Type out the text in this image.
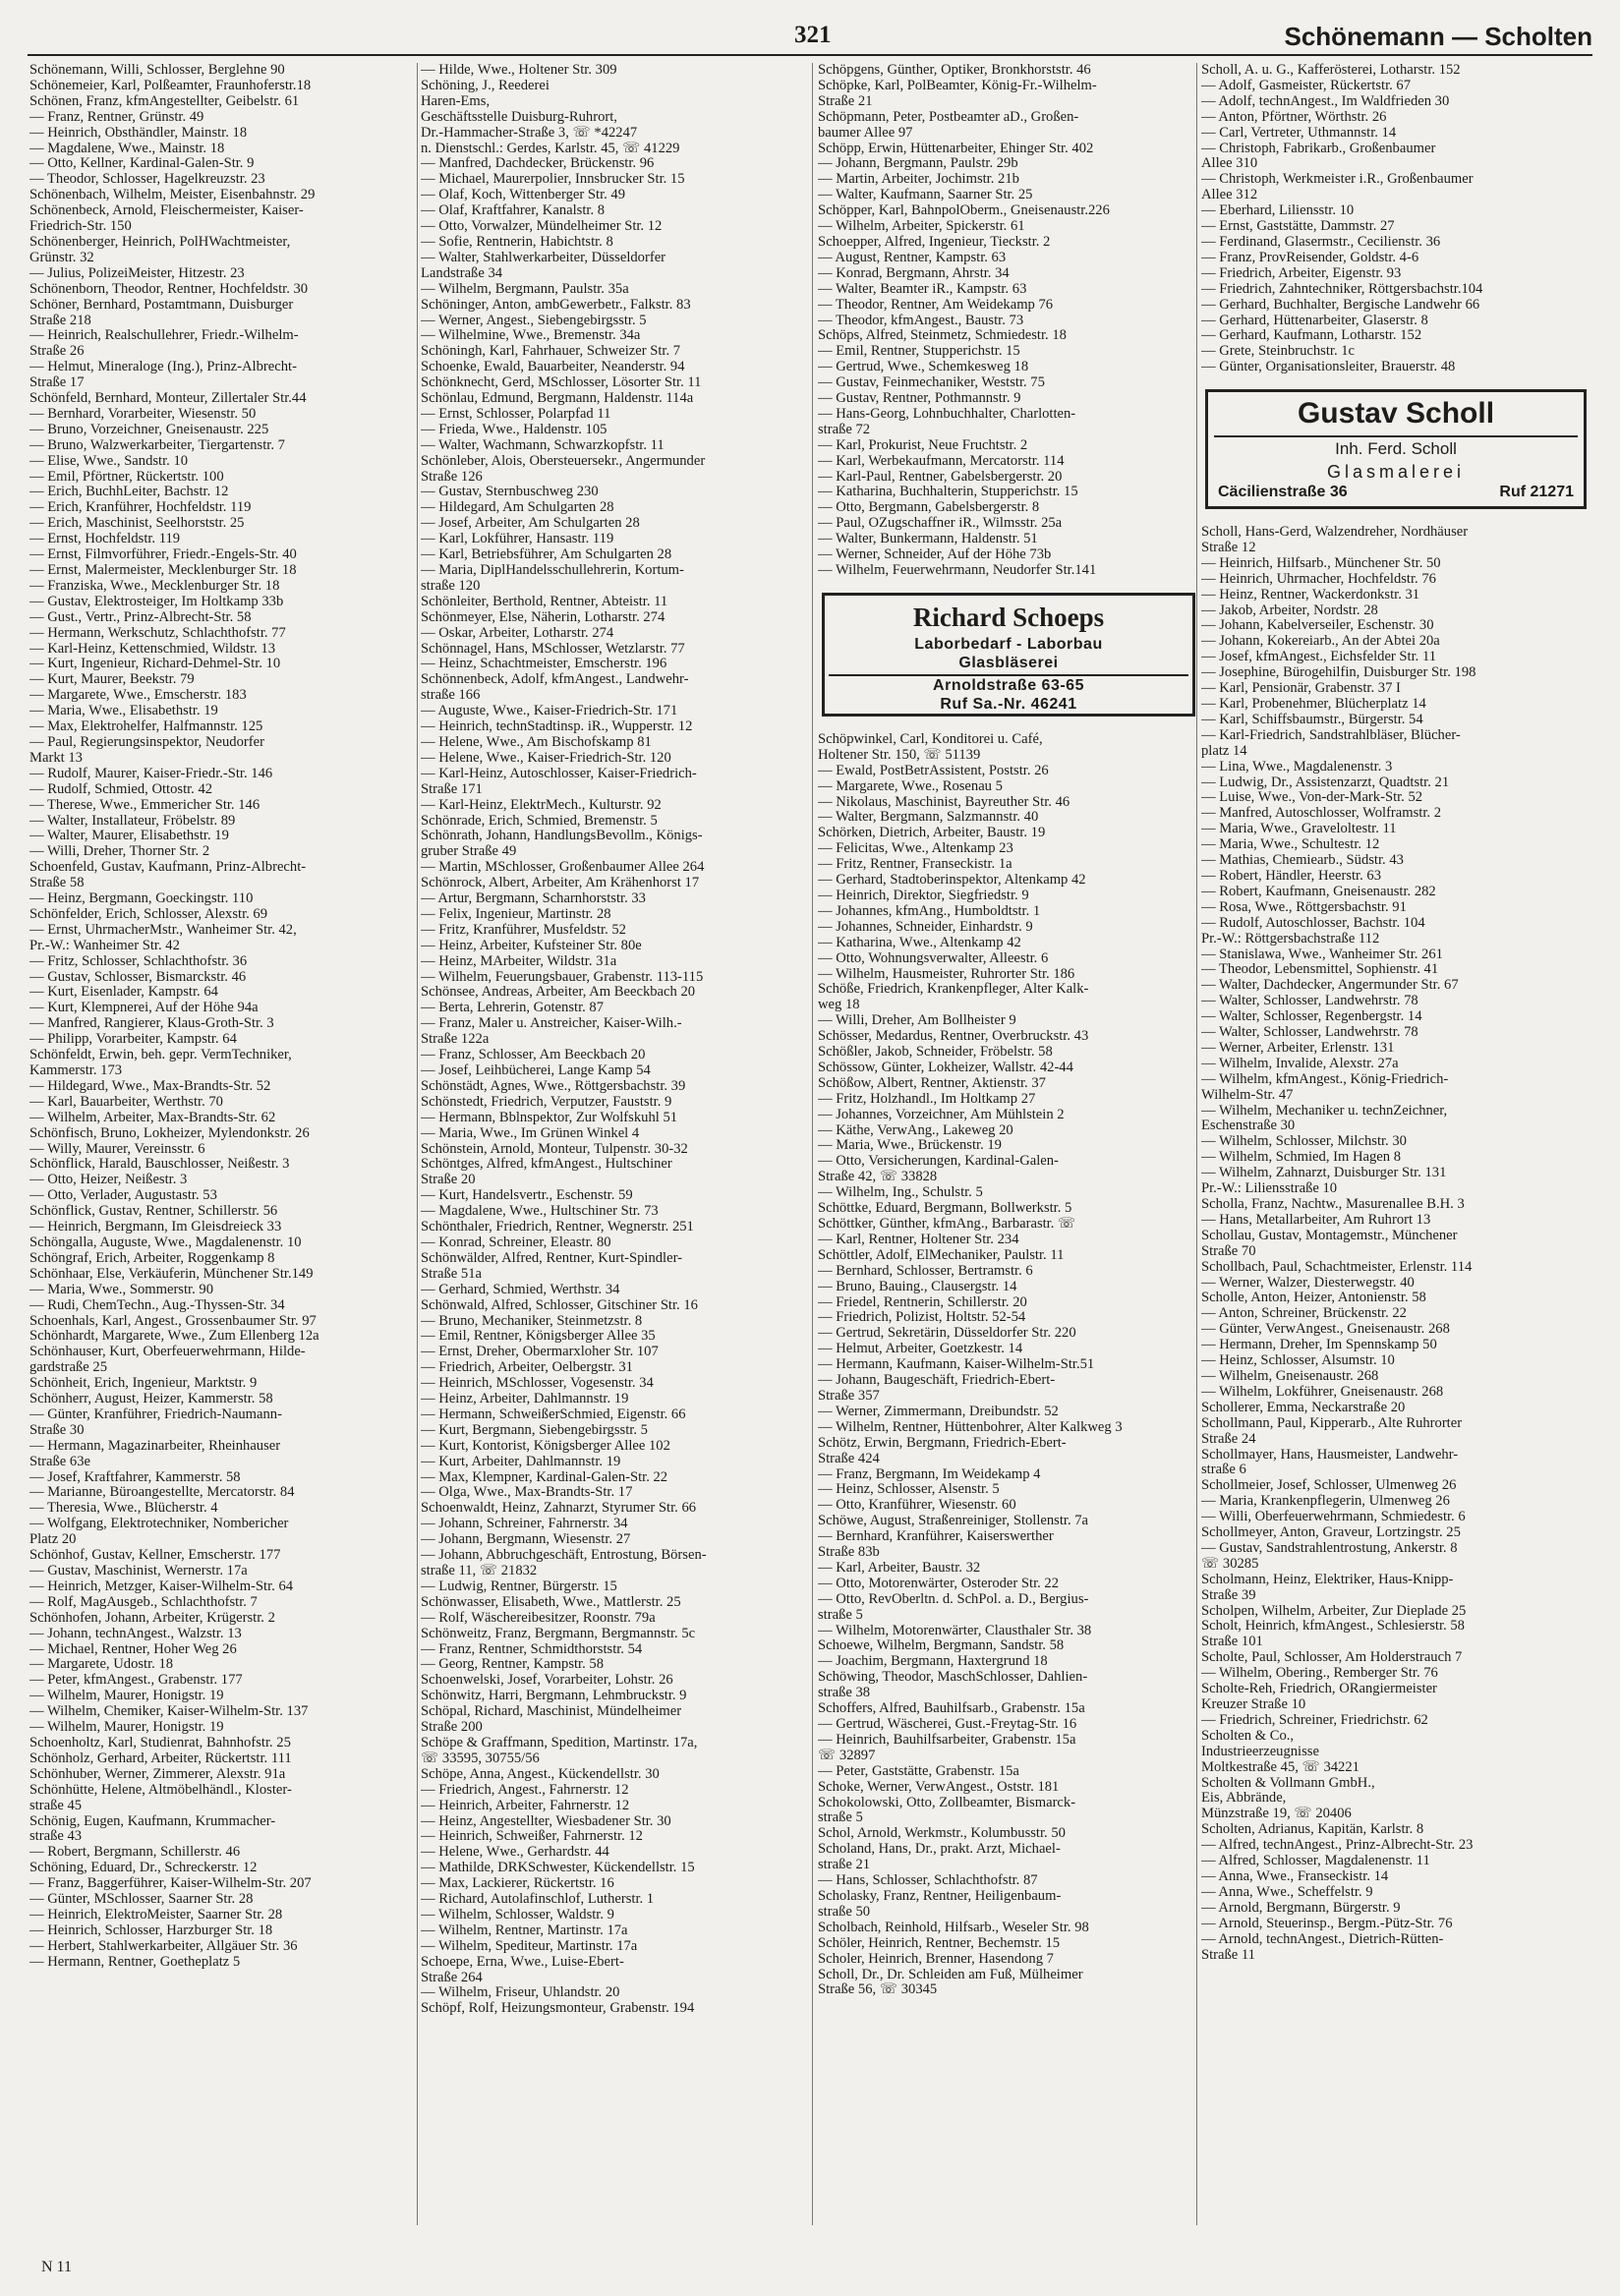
321	Schönemann — Scholten
Schönemann, Willi, Schlosser, Berglehne 90
Schönemeier, Karl, Polßeamter, Fraunhoferstr.18
Schönen, Franz, kfmAngestellter, Geibelstr. 61
— Franz, Rentner, Grünstr. 49
— Heinrich, Obsthändler, Mainstr. 18
— Magdalene, Wwe., Mainstr. 18
— Otto, Kellner, Kardinal-Galen-Str. 9
— Theodor, Schlosser, Hagelkreuzstr. 23
Schönenbach, Wilhelm, Meister, Eisenbahnstr. 29
Schönenbeck, Arnold, Fleischermeister, Kaiser-
Friedrich-Str. 150
Schönenberger, Heinrich, PolHWachtmeister,
Grünstr. 32
— Julius, PolizeiMeister, Hitzestr. 23
Schönenborn, Theodor, Rentner, Hochfeldstr. 30
Schöner, Bernhard, Postamtmann, Duisburger
Straße 218
— Heinrich, Realschullehrer, Friedr.-Wilhelm-
Straße 26
— Helmut, Mineraloge (Ing.), Prinz-Albrecht-
Straße 17
Schönfeld, Bernhard, Monteur, Zillertaler Str.44
— Bernhard, Vorarbeiter, Wiesenstr. 50
— Bruno, Vorzeichner, Gneisenaustr. 225
— Bruno, Walzwerkarbeiter, Tiergartenstr. 7
— Elise, Wwe., Sandstr. 10
— Emil, Pförtner, Rückertstr. 100
— Erich, BuchhLeiter, Bachstr. 12
— Erich, Kranführer, Hochfeldstr. 119
— Erich, Maschinist, Seelhorststr. 25
— Ernst, Hochfeldstr. 119
— Ernst, Filmvorführer, Friedr.-Engels-Str. 40
— Ernst, Malermeister, Mecklenburger Str. 18
— Franziska, Wwe., Mecklenburger Str. 18
— Gustav, Elektrosteiger, Im Holtkamp 33b
— Gust., Vertr., Prinz-Albrecht-Str. 58
— Hermann, Werkschutz, Schlachthofstr. 77
— Karl-Heinz, Kettenschmied, Wildstr. 13
— Kurt, Ingenieur, Richard-Dehmel-Str. 10
— Kurt, Maurer, Beekstr. 79
— Margarete, Wwe., Emscherstr. 183
— Maria, Wwe., Elisabethstr. 19
— Max, Elektrohelfer, Halfmannstr. 125
— Paul, Regierungsinspektor, Neudorfer
Markt 13
— Rudolf, Maurer, Kaiser-Friedr.-Str. 146
— Rudolf, Schmied, Ottostr. 42
— Therese, Wwe., Emmericher Str. 146
— Walter, Installateur, Fröbelstr. 89
— Walter, Maurer, Elisabethstr. 19
— Willi, Dreher, Thorner Str. 2
Schoenfeld, Gustav, Kaufmann, Prinz-Albrecht-
Straße 58
— Heinz, Bergmann, Goeckingstr. 110
Schönfelder, Erich, Schlosser, Alexstr. 69
— Ernst, UhrmacherMstr., Wanheimer Str. 42,
Pr.-W.: Wanheimer Str. 42
— Fritz, Schlosser, Schlachthofstr. 36
— Gustav, Schlosser, Bismarckstr. 46
— Kurt, Eisenlader, Kampstr. 64
— Kurt, Klempnerei, Auf der Höhe 94a
— Manfred, Rangierer, Klaus-Groth-Str. 3
— Philipp, Vorarbeiter, Kampstr. 64
Schönfeldt, Erwin, beh. gepr. VermTechniker,
Kammerstr. 173
— Hildegard, Wwe., Max-Brandts-Str. 52
— Karl, Bauarbeiter, Werthstr. 70
— Wilhelm, Arbeiter, Max-Brandts-Str. 62
Schönfisch, Bruno, Lokheizer, Mylendonkstr. 26
— Willy, Maurer, Vereinsstr. 6
Schönflick, Harald, Bauschlosser, Neißestr. 3
— Otto, Heizer, Neißestr. 3
— Otto, Verlader, Augustastr. 53
Schönflick, Gustav, Rentner, Schillerstr. 56
— Heinrich, Bergmann, Im Gleisdreieck 33
Schöngalla, Auguste, Wwe., Magdalenenstr. 10
Schöngraf, Erich, Arbeiter, Roggenkamp 8
Schönhaar, Else, Verkäuferin, Münchener Str.149
— Maria, Wwe., Sommerstr. 90
— Rudi, ChemTechn., Aug.-Thyssen-Str. 34
Schoenhals, Karl, Angest., Grossenbaumer Str. 97
Schönhardt, Margarete, Wwe., Zum Ellenberg 12a
Schönhauser, Kurt, Oberfeuerwehrmann, Hilde-
gardstraße 25
Schönheit, Erich, Ingenieur, Marktstr. 9
Schönherr, August, Heizer, Kammerstr. 58
— Günter, Kranführer, Friedrich-Naumann-
Straße 30
— Hermann, Magazinarbeiter, Rheinhauser
Straße 63e
— Josef, Kraftfahrer, Kammerstr. 58
— Marianne, Büroangestellte, Mercatorstr. 84
— Theresia, Wwe., Blücherstr. 4
— Wolfgang, Elektrotechniker, Nombericher
Platz 20
Schönhof, Gustav, Kellner, Emscherstr. 177
— Gustav, Maschinist, Wernerstr. 17a
— Heinrich, Metzger, Kaiser-Wilhelm-Str. 64
— Rolf, MagAusgeb., Schlachthofstr. 7
Schönhofen, Johann, Arbeiter, Krügerstr. 2
— Johann, technAngest., Walzstr. 13
— Michael, Rentner, Hoher Weg 26
— Margarete, Udostr. 18
— Peter, kfmAngest., Grabenstr. 177
— Wilhelm, Maurer, Honigstr. 19
— Wilhelm, Chemiker, Kaiser-Wilhelm-Str. 137
— Wilhelm, Maurer, Honigstr. 19
Schoenholtz, Karl, Studienrat, Bahnhofstr. 25
Schönholz, Gerhard, Arbeiter, Rückertstr. 111
Schönhuber, Werner, Zimmerer, Alexstr. 91a
Schönhütte, Helene, Altmöbelhändl., Kloster-
straße 45
Schönig, Eugen, Kaufmann, Krummacher-
straße 43
— Robert, Bergmann, Schillerstr. 46
Schöning, Eduard, Dr., Schreckerstr. 12
— Franz, Baggerführer, Kaiser-Wilhelm-Str. 207
— Günter, MSchlosser, Saarner Str. 28
— Heinrich, ElektroMeister, Saarner Str. 28
— Heinrich, Schlosser, Harzburger Str. 18
— Herbert, Stahlwerkarbeiter, Allgäuer Str. 36
— Hermann, Rentner, Goetheplatz 5
— Hilde, Wwe., Holtener Str. 309
Schöning, J., Reederei
Haren-Ems,
Geschäftsstelle Duisburg-Ruhrort,
Dr.-Hammacher-Straße 3, ☏ *42247
n. Dienstschl.: Gerdes, Karlstr. 45, ☏ 41229
— Manfred, Dachdecker, Brückenstr. 96
— Michael, Maurerpolier, Innsbrucker Str. 15
— Olaf, Koch, Wittenberger Str. 49
— Olaf, Kraftfahrer, Kanalstr. 8
— Otto, Vorwalzer, Mündelheimer Str. 12
— Sofie, Rentnerin, Habichtstr. 8
— Walter, Stahlwerkarbeiter, Düsseldorfer
Landstraße 34
— Wilhelm, Bergmann, Paulstr. 35a
Schöninger, Anton, ambGewerbetr., Falkstr. 83
— Werner, Angest., Siebengebirgsstr. 5
— Wilhelmine, Wwe., Bremenstr. 34a
Schöningh, Karl, Fahrhauer, Schweizer Str. 7
Schoenke, Ewald, Bauarbeiter, Neanderstr. 94
Schönknecht, Gerd, MSchlosser, Lösorter Str. 11
Schönlau, Edmund, Bergmann, Haldenstr. 114a
— Ernst, Schlosser, Polarpfad 11
— Frieda, Wwe., Haldenstr. 105
— Walter, Wachmann, Schwarzkopfstr. 11
Schönleber, Alois, Obersteuersekr., Angermunder
Straße 126
— Gustav, Sternbuschweg 230
— Hildegard, Am Schulgarten 28
— Josef, Arbeiter, Am Schulgarten 28
— Karl, Lokführer, Hansastr. 119
— Karl, Betriebsführer, Am Schulgarten 28
— Maria, DiplHandelsschullehrerin, Kortum-
straße 120
Schönleiter, Berthold, Rentner, Abteistr. 11
Schönmeyer, Else, Näherin, Lotharstr. 274
— Oskar, Arbeiter, Lotharstr. 274
Schönnagel, Hans, MSchlosser, Wetzlarstr. 77
— Heinz, Schachtmeister, Emscherstr. 196
Schönnenbeck, Adolf, kfmAngest., Landwehr-
straße 166
— Auguste, Wwe., Kaiser-Friedrich-Str. 171
— Heinrich, technStadtinsp. iR., Wupperstr. 12
— Helene, Wwe., Am Bischofskamp 81
— Helene, Wwe., Kaiser-Friedrich-Str. 120
— Karl-Heinz, Autoschlosser, Kaiser-Friedrich-
Straße 171
— Karl-Heinz, ElektrMech., Kulturstr. 92
Schönrade, Erich, Schmied, Bremenstr. 5
Schönrath, Johann, HandlungsBevollm., Königs-
gruber Straße 49
— Martin, MSchlosser, Großenbaumer Allee 264
Schönrock, Albert, Arbeiter, Am Krähenhorst 17
— Artur, Bergmann, Scharnhorststr. 33
— Felix, Ingenieur, Martinstr. 28
— Fritz, Kranführer, Musfeldstr. 52
— Heinz, Arbeiter, Kufsteiner Str. 80e
— Heinz, MArbeiter, Wildstr. 31a
— Wilhelm, Feuerungsbauer, Grabenstr. 113-115
Schönsee, Andreas, Arbeiter, Am Beeckbach 20
— Berta, Lehrerin, Gotenstr. 87
— Franz, Maler u. Anstreicher, Kaiser-Wilh.-
Straße 122a
— Franz, Schlosser, Am Beeckbach 20
— Josef, Leihbücherei, Lange Kamp 54
Schönstädt, Agnes, Wwe., Röttgersbachstr. 39
Schönstedt, Friedrich, Verputzer, Fauststr. 9
— Hermann, Bblnspektor, Zur Wolfskuhl 51
— Maria, Wwe., Im Grünen Winkel 4
Schönstein, Arnold, Monteur, Tulpenstr. 30-32
Schöntges, Alfred, kfmAngest., Hultschiner
Straße 20
— Kurt, Handelsvertr., Eschenstr. 59
— Magdalene, Wwe., Hultschiner Str. 73
Schönthaler, Friedrich, Rentner, Wegnerstr. 251
— Konrad, Schreiner, Eleastr. 80
Schönwälder, Alfred, Rentner, Kurt-Spindler-
Straße 51a
— Gerhard, Schmied, Werthstr. 34
Schönwald, Alfred, Schlosser, Gitschiner Str. 16
— Bruno, Mechaniker, Steinmetzstr. 8
— Emil, Rentner, Königsberger Allee 35
— Ernst, Dreher, Obermarxloher Str. 107
— Friedrich, Arbeiter, Oelbergstr. 31
— Heinrich, MSchlosser, Vogesenstr. 34
— Heinz, Arbeiter, Dahlmannstr. 19
— Hermann, SchweißerSchmied, Eigenstr. 66
— Kurt, Bergmann, Siebengebirgsstr. 5
— Kurt, Kontorist, Königsberger Allee 102
— Kurt, Arbeiter, Dahlmannstr. 19
— Max, Klempner, Kardinal-Galen-Str. 22
— Olga, Wwe., Max-Brandts-Str. 17
Schoenwaldt, Heinz, Zahnarzt, Styrumer Str. 66
— Johann, Schreiner, Fahrnerstr. 34
— Johann, Bergmann, Wiesenstr. 27
— Johann, Abbruchgeschäft, Entrostung, Börsen-
straße 11, ☏ 21832
— Ludwig, Rentner, Bürgerstr. 15
Schönwasser, Elisabeth, Wwe., Mattlerstr. 25
— Rolf, Wäschereibesitzer, Roonstr. 79a
Schönweitz, Franz, Bergmann, Bergmannstr. 5c
— Franz, Rentner, Schmidthorststr. 54
— Georg, Rentner, Kampstr. 58
Schoenwelski, Josef, Vorarbeiter, Lohstr. 26
Schönwitz, Harri, Bergmann, Lehmbruckstr. 9
Schöpal, Richard, Maschinist, Mündelheimer
Straße 200
Schöpe & Graffmann, Spedition, Martinstr. 17a,
☏ 33595, 30755/56
Schöpe, Anna, Angest., Kückendellstr. 30
— Friedrich, Angest., Fahrnerstr. 12
— Heinrich, Arbeiter, Fahrnerstr. 12
— Heinz, Angestellter, Wiesbadener Str. 30
— Heinrich, Schweißer, Fahrnerstr. 12
— Helene, Wwe., Gerhardstr. 44
— Mathilde, DRKSchwester, Kückendellstr. 15
— Max, Lackierer, Rückertstr. 16
— Richard, Autolafinschlof, Lutherstr. 1
— Wilhelm, Schlosser, Waldstr. 9
— Wilhelm, Rentner, Martinstr. 17a
— Wilhelm, Spediteur, Martinstr. 17a
Schoepe, Erna, Wwe., Luise-Ebert-
Straße 264
— Wilhelm, Friseur, Uhlandstr. 20
Schöpf, Rolf, Heizungsmonteur, Grabenstr. 194
Schöpgens, Günther, Optiker, Bronkhorststr. 46
Schöpke, Karl, PolBeamter, König-Fr.-Wilhelm-
Straße 21
Schöpmann, Peter, Postbeamter aD., Großen-
baumer Allee 97
Schöpp, Erwin, Hüttenarbeiter, Ehinger Str. 402
— Johann, Bergmann, Paulstr. 29b
— Martin, Arbeiter, Jochimstr. 21b
— Walter, Kaufmann, Saarner Str. 25
Schöpper, Karl, BahnpolOberm., Gneisenaustr.226
— Wilhelm, Arbeiter, Spickerstr. 61
Schoepper, Alfred, Ingenieur, Tieckstr. 2
— August, Rentner, Kampstr. 63
— Konrad, Bergmann, Ahrstr. 34
— Walter, Beamter iR., Kampstr. 63
— Theodor, Rentner, Am Weidekamp 76
— Theodor, kfmAngest., Baustr. 73
Schöps, Alfred, Steinmetz, Schmiedestr. 18
— Emil, Rentner, Stupperichstr. 15
— Gertrud, Wwe., Schemkesweg 18
— Gustav, Feinmechaniker, Weststr. 75
— Gustav, Rentner, Pothmannstr. 9
— Hans-Georg, Lohnbuchhalter, Charlotten-
straße 72
— Karl, Prokurist, Neue Fruchtstr. 2
— Karl, Werbekaufmann, Mercatorstr. 114
— Karl-Paul, Rentner, Gabelsbergerstr. 20
— Katharina, Buchhalterin, Stupperichstr. 15
— Otto, Bergmann, Gabelsbergerstr. 8
— Paul, OZugschaffner iR., Wilmsstr. 25a
— Walter, Bunkermann, Haldenstr. 51
— Werner, Schneider, Auf der Höhe 73b
— Wilhelm, Feuerwehrmann, Neudorfer Str.141
Richard Schoeps
Laborbedarf - Laborbau
Glasbläserei
Arnoldstraße 63-65
Ruf Sa.-Nr. 46241
Schöpwinkel, Carl, Konditorei u. Café,
Holtener Str. 150, ☏ 51139
— Ewald, PostBetrAssistent, Poststr. 26
— Margarete, Wwe., Rosenau 5
— Nikolaus, Maschinist, Bayreuther Str. 46
— Walter, Bergmann, Salzmannstr. 40
Schörken, Dietrich, Arbeiter, Baustr. 19
— Felicitas, Wwe., Altenkamp 23
— Fritz, Rentner, Franseckistr. 1a
— Gerhard, Stadtoberinspektor, Altenkamp 42
— Heinrich, Direktor, Siegfriedstr. 9
— Johannes, kfmAng., Humboldtstr. 1
— Johannes, Schneider, Einhardstr. 9
— Katharina, Wwe., Altenkamp 42
— Otto, Wohnungsverwalter, Alleestr. 6
— Wilhelm, Hausmeister, Ruhrorter Str. 186
Schöße, Friedrich, Krankenpfleger, Alter Kalk-
weg 18
— Willi, Dreher, Am Bollheister 9
Schösser, Medardus, Rentner, Overbruckstr. 43
Schößler, Jakob, Schneider, Fröbelstr. 58
Schössow, Günter, Lokheizer, Wallstr. 42-44
Schößow, Albert, Rentner, Aktienstr. 37
— Fritz, Holzhandl., Im Holtkamp 27
— Johannes, Vorzeichner, Am Mühlstein 2
— Käthe, VerwAng., Lakeweg 20
— Maria, Wwe., Brückenstr. 19
— Otto, Versicherungen, Kardinal-Galen-
Straße 42, ☏ 33828
— Wilhelm, Ing., Schulstr. 5
Schöttke, Eduard, Bergmann, Bollwerkstr. 5
Schöttker, Günther, kfmAng., Barbarastr. ☏
— Karl, Rentner, Holtener Str. 234
Schöttler, Adolf, ElMechaniker, Paulstr. 11
— Bernhard, Schlosser, Bertramstr. 6
— Bruno, Bauing., Clausergstr. 14
— Friedel, Rentnerin, Schillerstr. 20
— Friedrich, Polizist, Holtstr. 52-54
— Gertrud, Sekretärin, Düsseldorfer Str. 220
— Helmut, Arbeiter, Goetzkestr. 14
— Hermann, Kaufmann, Kaiser-Wilhelm-Str.51
— Johann, Baugeschäft, Friedrich-Ebert-
Straße 357
— Werner, Zimmermann, Dreibundstr. 52
— Wilhelm, Rentner, Hüttenbohrer, Alter Kalkweg 3
Schötz, Erwin, Bergmann, Friedrich-Ebert-
Straße 424
— Franz, Bergmann, Im Weidekamp 4
— Heinz, Schlosser, Alsenstr. 5
— Otto, Kranführer, Wiesenstr. 60
Schöwe, August, Straßenreiniger, Stollenstr. 7a
— Bernhard, Kranführer, Kaiserswerther
Straße 83b
— Karl, Arbeiter, Baustr. 32
— Otto, Motorenwärter, Osteroder Str. 22
— Otto, RevOberltn. d. SchPol. a. D., Bergius-
straße 5
— Wilhelm, Motorenwärter, Clausthaler Str. 38
Schoewe, Wilhelm, Bergmann, Sandstr. 58
— Joachim, Bergmann, Haxtergrund 18
Schöwing, Theodor, MaschSchlosser, Dahlien-
straße 38
Schoffers, Alfred, Bauhilfsarb., Grabenstr. 15a
— Gertrud, Wäscherei, Gust.-Freytag-Str. 16
— Heinrich, Bauhilfsarbeiter, Grabenstr. 15a
☏ 32897
— Peter, Gaststätte, Grabenstr. 15a
Schoke, Werner, VerwAngest., Oststr. 181
Schokolowski, Otto, Zollbeamter, Bismarck-
straße 5
Schol, Arnold, Werkmstr., Kolumbusstr. 50
Scholand, Hans, Dr., prakt. Arzt, Michael-
straße 21
— Hans, Schlosser, Schlachthofstr. 87
Scholasky, Franz, Rentner, Heiligenbaum-
straße 50
Scholbach, Reinhold, Hilfsarb., Weseler Str. 98
Schöler, Heinrich, Rentner, Bechemstr. 15
Scholer, Heinrich, Brenner, Hasendong 7
Scholl, Dr., Dr. Schleiden am Fuß, Mülheimer
Straße 56, ☏ 30345
Scholl, A. u. G., Kafferösterei, Lotharstr. 152
— Adolf, Gasmeister, Rückertstr. 67
— Adolf, technAngest., Im Waldfrieden 30
— Anton, Pförtner, Wörthstr. 26
— Carl, Vertreter, Uthmannstr. 14
— Christoph, Fabrikarb., Großenbaumer
Allee 310
— Christoph, Werkmeister i.R., Großenbaumer
Allee 312
— Eberhard, Liliensstr. 10
— Ernst, Gaststätte, Dammstr. 27
— Ferdinand, Glasermstr., Cecilienstr. 36
— Franz, ProvReisender, Goldstr. 4-6
— Friedrich, Arbeiter, Eigenstr. 93
— Friedrich, Zahntechniker, Röttgersbachstr.104
— Gerhard, Buchhalter, Bergische Landwehr 66
— Gerhard, Hüttenarbeiter, Glaserstr. 8
— Gerhard, Kaufmann, Lotharstr. 152
— Grete, Steinbruchstr. 1c
— Günter, Organisationsleiter, Brauerstr. 48
Gustav Scholl
Inh. Ferd. Scholl
Glasmalerei
Cäcilienstraße 36	Ruf 21271
Scholl, Hans-Gerd, Walzendreher, Nordhäuser
Straße 12
— Heinrich, Hilfsarb., Münchener Str. 50
— Heinrich, Uhrmacher, Hochfeldstr. 76
— Heinz, Rentner, Wackerdonkstr. 31
— Jakob, Arbeiter, Nordstr. 28
— Johann, Kabelverseiler, Eschenstr. 30
— Johann, Kokereiarb., An der Abtei 20a
— Josef, kfmAngest., Eichsfelder Str. 11
— Josephine, Bürogehilfin, Duisburger Str. 198
— Karl, Pensionär, Grabenstr. 37 I
— Karl, Probenehmer, Blücherplatz 14
— Karl, Schiffsbaumstr., Bürgerstr. 54
— Karl-Friedrich, Sandstrahlbläser, Blücher-
platz 14
— Lina, Wwe., Magdalenenstr. 3
— Ludwig, Dr., Assistenzarzt, Quadtstr. 21
— Luise, Wwe., Von-der-Mark-Str. 52
— Manfred, Autoschlosser, Wolframstr. 2
— Maria, Wwe., Graveloltestr. 11
— Maria, Wwe., Schultestr. 12
— Mathias, Chemiearb., Südstr. 43
— Robert, Händler, Heerstr. 63
— Robert, Kaufmann, Gneisenaustr. 282
— Rosa, Wwe., Röttgersbachstr. 91
— Rudolf, Autoschlosser, Bachstr. 104
Pr.-W.: Röttgersbachstraße 112
— Stanislawa, Wwe., Wanheimer Str. 261
— Theodor, Lebensmittel, Sophienstr. 41
— Walter, Dachdecker, Angermunder Str. 67
— Walter, Schlosser, Landwehrstr. 78
— Walter, Schlosser, Regenbergstr. 14
— Walter, Schlosser, Landwehrstr. 78
— Werner, Arbeiter, Erlenstr. 131
— Wilhelm, Invalide, Alexstr. 27a
— Wilhelm, kfmAngest., König-Friedrich-
Wilhelm-Str. 47
— Wilhelm, Mechaniker u. technZeichner,
Eschenstraße 30
— Wilhelm, Schlosser, Milchstr. 30
— Wilhelm, Schmied, Im Hagen 8
— Wilhelm, Zahnarzt, Duisburger Str. 131
Pr.-W.: Liliensstraße 10
Scholla, Franz, Nachtw., Masurenallee B.H. 3
— Hans, Metallarbeiter, Am Ruhrort 13
Schollau, Gustav, Montagemstr., Münchener
Straße 70
Schollbach, Paul, Schachtmeister, Erlenstr. 114
— Werner, Walzer, Diesterwegstr. 40
Scholle, Anton, Heizer, Antonienstr. 58
— Anton, Schreiner, Brückenstr. 22
— Günter, VerwAngest., Gneisenaustr. 268
— Hermann, Dreher, Im Spennskamp 50
— Heinz, Schlosser, Alsumstr. 10
— Wilhelm, Gneisenaustr. 268
— Wilhelm, Lokführer, Gneisenaustr. 268
Schollerer, Emma, Neckarstraße 20
Schollmann, Paul, Kipperarb., Alte Ruhrorter
Straße 24
Schollmayer, Hans, Hausmeister, Landwehr-
straße 6
Schollmeier, Josef, Schlosser, Ulmenweg 26
— Maria, Krankenpflegerin, Ulmenweg 26
— Willi, Oberfeuerwehrmann, Schmiedestr. 6
Schollmeyer, Anton, Graveur, Lortzingstr. 25
— Gustav, Sandstrahlentrostung, Ankerstr. 8
☏ 30285
Scholmann, Heinz, Elektriker, Haus-Knipp-
Straße 39
Scholpen, Wilhelm, Arbeiter, Zur Dieplade 25
Scholt, Heinrich, kfmAngest., Schlesierstr. 58
Straße 101
Scholte, Paul, Schlosser, Am Holderstrauch 7
— Wilhelm, Obering., Remberger Str. 76
Scholte-Reh, Friedrich, ORangiermeister
Kreuzer Straße 10
— Friedrich, Schreiner, Friedrichstr. 62
Scholten & Co.,
Industrieerzeugnisse
Moltkestraße 45, ☏ 34221
Scholten & Vollmann GmbH.,
Eis, Abbrände,
Münzstraße 19, ☏ 20406
Scholten, Adrianus, Kapitän, Karlstr. 8
— Alfred, technAngest., Prinz-Albrecht-Str. 23
— Alfred, Schlosser, Magdalenenstr. 11
— Anna, Wwe., Franseckistr. 14
— Anna, Wwe., Scheffelstr. 9
— Arnold, Bergmann, Bürgerstr. 9
— Arnold, Steuerinsp., Bergm.-Pütz-Str. 76
— Arnold, technAngest., Dietrich-Rütten-
Straße 11
N 11
